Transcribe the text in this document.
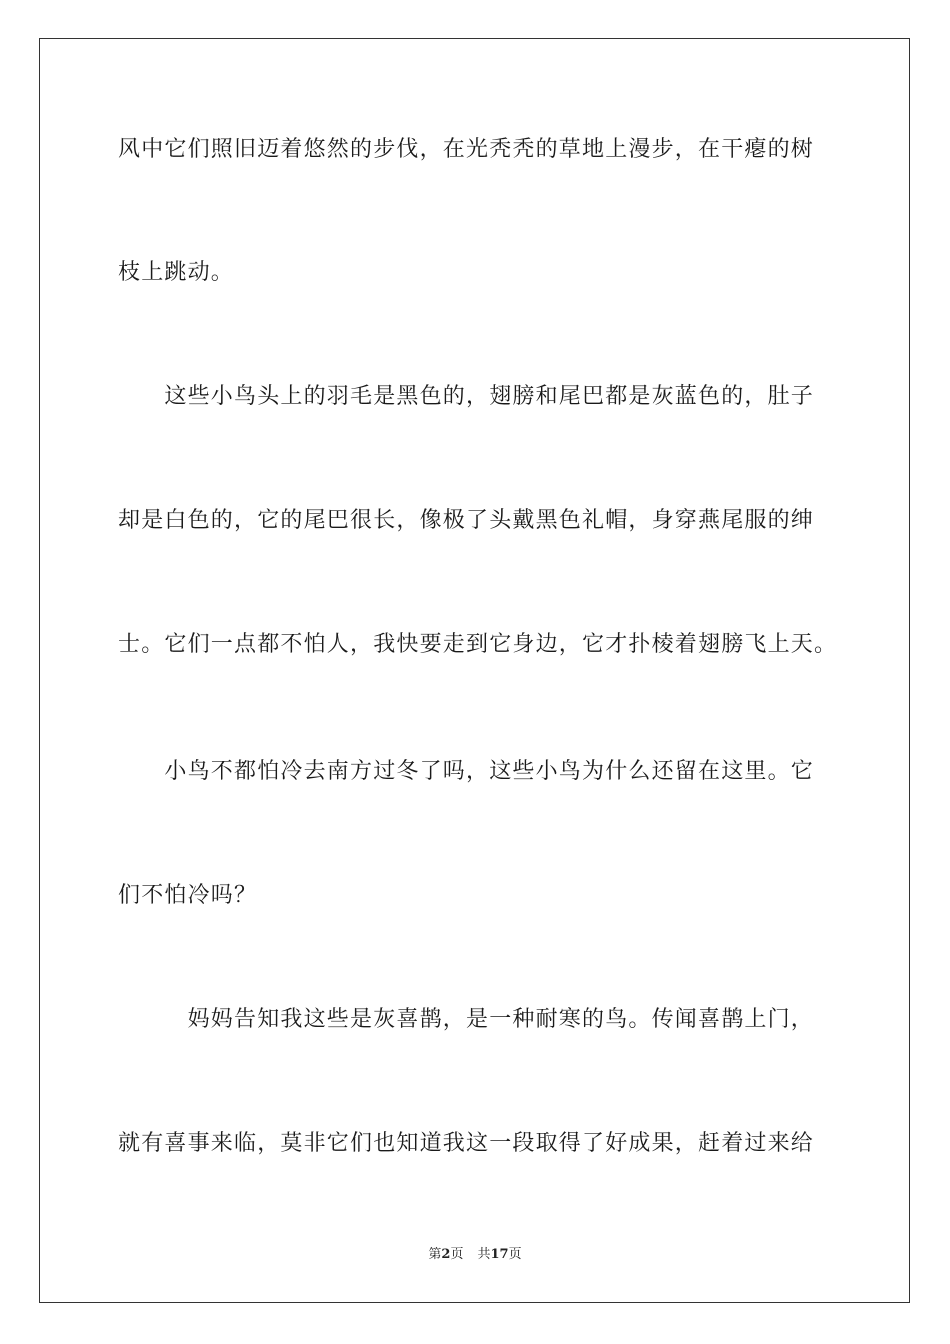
风中它们照旧迈着悠然的步伐，在光秃秃的草地上漫步，在干瘪的树
枝上跳动。
　　这些小鸟头上的羽毛是黑色的，翅膀和尾巴都是灰蓝色的，肚子
却是白色的，它的尾巴很长，像极了头戴黑色礼帽，身穿燕尾服的绅
士。它们一点都不怕人，我快要走到它身边，它才扑棱着翅膀飞上天。
　　小鸟不都怕冷去南方过冬了吗，这些小鸟为什么还留在这里。它
们不怕冷吗？
　　　妈妈告知我这些是灰喜鹊，是一种耐寒的鸟。传闻喜鹊上门，
就有喜事来临，莫非它们也知道我这一段取得了好成果，赶着过来给
第2页 共17页
